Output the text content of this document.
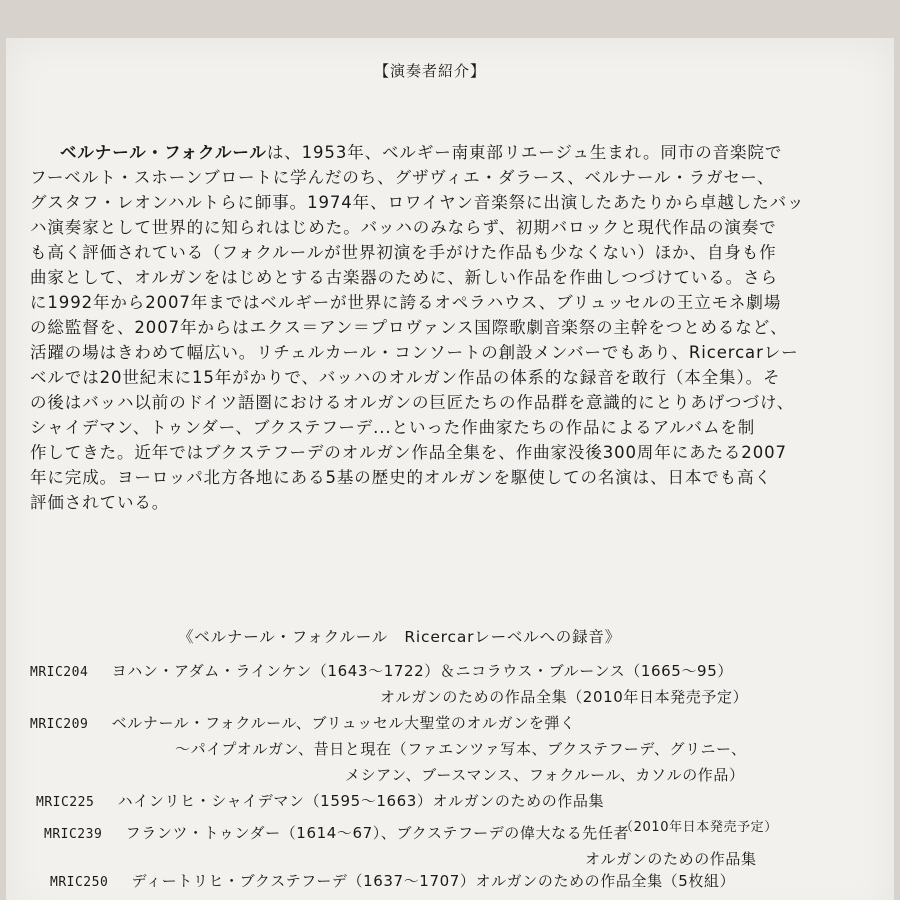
【演奏者紹介】
ベルナール・フォクルールは、1953年、ベルギー南東部リエージュ生まれ。同市の音楽院で
フーベルト・スホーンブロートに学んだのち、グザヴィエ・ダラース、ベルナール・ラガセー、
グスタフ・レオンハルトらに師事。1974年、ロワイヤン音楽祭に出演したあたりから卓越したバッ
ハ演奏家として世界的に知られはじめた。バッハのみならず、初期バロックと現代作品の演奏で
も高く評価されている（フォクルールが世界初演を手がけた作品も少なくない）ほか、自身も作
曲家として、オルガンをはじめとする古楽器のために、新しい作品を作曲しつづけている。さら
に1992年から2007年まではベルギーが世界に誇るオペラハウス、ブリュッセルの王立モネ劇場
の総監督を、2007年からはエクス＝アン＝プロヴァンス国際歌劇音楽祭の主幹をつとめるなど、
活躍の場はきわめて幅広い。リチェルカール・コンソートの創設メンバーでもあり、Ricercarレー
ベルでは20世紀末に15年がかりで、バッハのオルガン作品の体系的な録音を敢行（本全集）。そ
の後はバッハ以前のドイツ語圏におけるオルガンの巨匠たちの作品群を意識的にとりあげつづけ、
シャイデマン、トゥンダー、ブクステフーデ...といった作曲家たちの作品によるアルバムを制
作してきた。近年ではブクステフーデのオルガン作品全集を、作曲家没後300周年にあたる2007
年に完成。ヨーロッパ北方各地にある5基の歴史的オルガンを駆使しての名演は、日本でも高く
評価されている。
《ベルナール・フォクルール　Ricercarレーベルへの録音》
MRIC204 ヨハン・アダム・ラインケン（1643～1722）＆ニコラウス・ブルーンス（1665～95）
オルガンのための作品全集（2010年日本発売予定）
MRIC209 ベルナール・フォクルール、ブリュッセル大聖堂のオルガンを弾く
～パイプオルガン、昔日と現在（ファエンツァ写本、ブクステフーデ、グリニー、
メシアン、ブースマンス、フォクルール、カソルの作品）
MRIC225 ハインリヒ・シャイデマン（1595～1663）オルガンのための作品集
（2010年日本発売予定）
MRIC239 フランツ・トゥンダー（1614～67）、ブクステフーデの偉大なる先任者
オルガンのための作品集
MRIC250 ディートリヒ・ブクステフーデ（1637～1707）オルガンのための作品全集（5枚組）
